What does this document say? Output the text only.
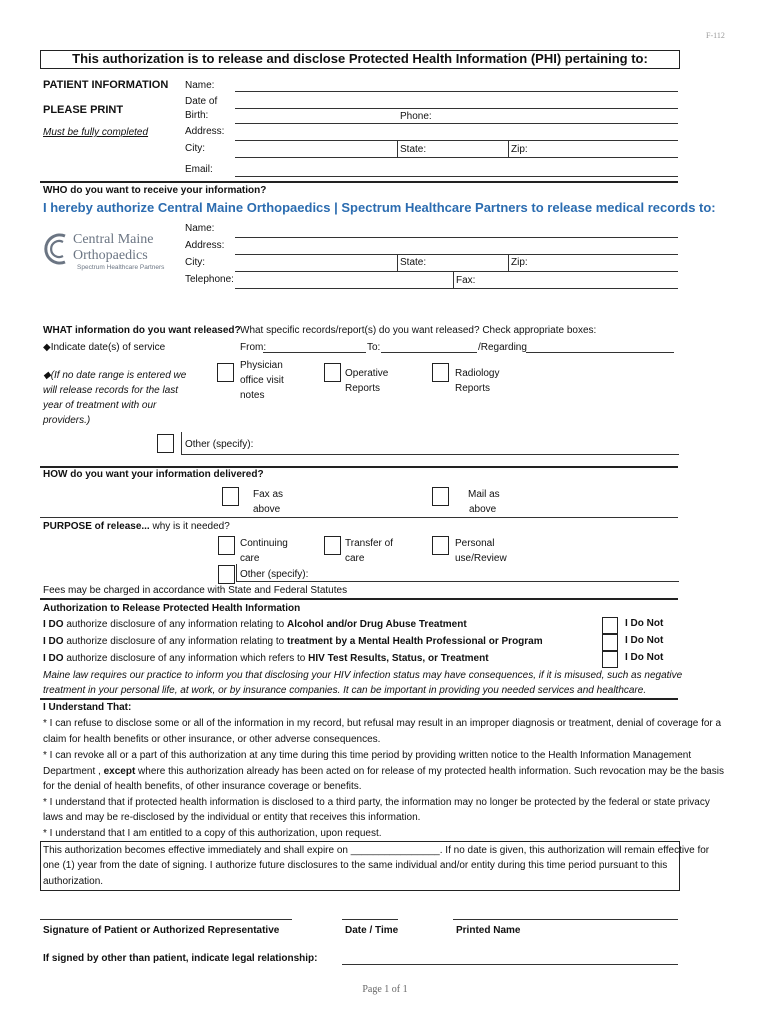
F-112
This authorization is to release and disclose Protected Health Information (PHI) pertaining to:
PATIENT INFORMATION
PLEASE PRINT
Must be fully completed
Name:
Date of
Birth:	Phone:
Address:
City:	State:	Zip:
Email:
WHO do you want to receive your information?
I hereby authorize Central Maine Orthopaedics | Spectrum Healthcare Partners to release medical records to:
Central Maine
Orthopaedics
Spectrum Healthcare Partners
Name:
Address:
City:	State:	Zip:
Telephone:	Fax:
WHAT information do you want released? What specific records/report(s) do you want released? Check appropriate boxes:
◆Indicate date(s) of service	From:	To:	/Regarding
◆(If no date range is entered we
will release records for the last
year of treatment with our
providers.)
Physician
office visit
notes
Operative
Reports
Radiology
Reports
Other (specify):
HOW do you want your information delivered?
Fax as
above
Mail as
above
PURPOSE of release... why is it needed?
Continuing
care
Transfer of
care
Personal
use/Review
Other (specify):
Fees may be charged in accordance with State and Federal Statutes
Authorization to Release Protected Health Information
I DO authorize disclosure of any information relating to Alcohol and/or Drug Abuse Treatment
I DO authorize disclosure of any information relating to treatment by a Mental Health Professional or Program
I DO authorize disclosure of any information which refers to HIV Test Results, Status, or Treatment
I Do Not
I Do Not
I Do Not
Maine law requires our practice to inform you that disclosing your HIV infection status may have consequences, if it is misused, such as negative
treatment in your personal life, at work, or by insurance companies. It can be important in providing you needed services and healthcare.
I Understand That:
* I can refuse to disclose some or all of the information in my record, but refusal may result in an improper diagnosis or treatment, denial of coverage for a
claim for health benefits or other insurance, or other adverse consequences.
* I can revoke all or a part of this authorization at any time during this time period by providing written notice to the Health Information Management
Department , except where this authorization already has been acted on for release of my protected health information. Such revocation may be the basis
for the denial of health benefits, of other insurance coverage or benefits.
* I understand that if protected health information is disclosed to a third party, the information may no longer be protected by the federal or state privacy
laws and may be re-disclosed by the individual or entity that receives this information.
* I understand that I am entitled to a copy of this authorization, upon request.
This authorization becomes effective immediately and shall expire on ________________. If no date is given, this authorization will remain effective for
one (1) year from the date of signing. I authorize future disclosures to the same individual and/or entity during this time period pursuant to this
authorization.
Signature of Patient or Authorized Representative	Date / Time	Printed Name
If signed by other than patient, indicate legal relationship:
Page 1 of 1
